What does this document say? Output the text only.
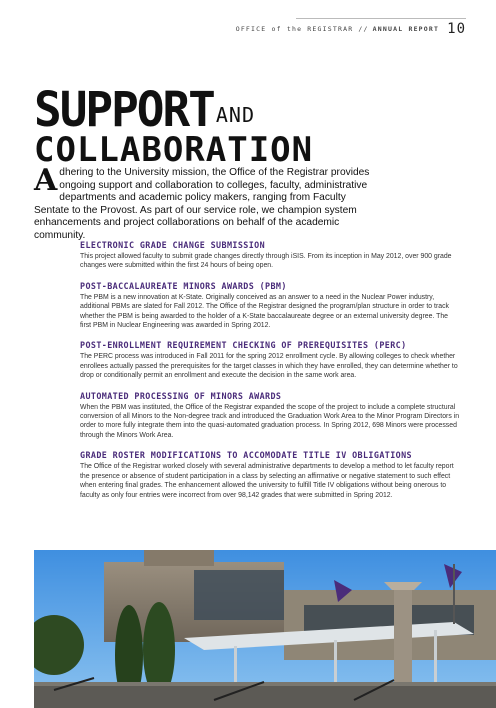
OFFICE of the REGISTRAR // ANNUAL REPORT 10
SUPPORT AND
COLLABORATION
Adhering to the University mission, the Office of the Registrar provides ongoing support and collaboration to colleges, faculty, administrative departments and academic policy makers, ranging from Faculty Sentate to the Provost. As part of our service role, we champion system enhancements and project collaborations on behalf of the academic community.
ELECTRONIC GRADE CHANGE SUBMISSION

This project allowed faculty to submit grade changes directly through iSIS. From its inception in May 2012, over 900 grade changes were submitted within the first 24 hours of being open.

POST-BACCALAUREATE MINORS AWARDS (PBM)

The PBM is a new innovation at K-State. Originally conceived as an answer to a need in the Nuclear Power industry, additional PBMs are slated for Fall 2012. The Office of the Registrar designed the program/plan structure in order to track whether the PBM is being awarded to the holder of a K-State baccalaureate degree or an external university degree. The first PBM in Nuclear Engineering was awarded in Spring 2012.

POST-ENROLLMENT REQUIREMENT CHECKING OF PREREQUISITES (PERC)

The PERC process was introduced in Fall 2011 for the spring 2012 enrollment cycle. By allowing colleges to check whether enrollees actually passed the prerequisites for the target classes in which they have enrolled, they can determine whether to drop or conditionally permit an enrollment and execute the decision in the same work area.

AUTOMATED PROCESSING OF MINORS AWARDS

When the PBM was instituted, the Office of the Registrar expanded the scope of the project to include a complete structural conversion of all Minors to the Non-degree track and introduced the Graduation Work Area to the Minor Program Directors in order to more fully integrate them into the quasi-automated graduation process. In Spring 2012, 698 Minors were processed through the Minors Work Area.

GRADE ROSTER MODIFICATIONS TO ACCOMODATE TITLE IV OBLIGATIONS

The Office of the Registrar worked closely with several administrative departments to develop a method to let faculty report the presence or absence of student participation in a class by selecting an affirmative or negative statement to such effect when entering final grades. The enhancement allowed the university to fulfill Title IV obligations without being onerous to faculty as only four entries were incorrect from over 98,142 grades that were submitted in Spring 2012.
